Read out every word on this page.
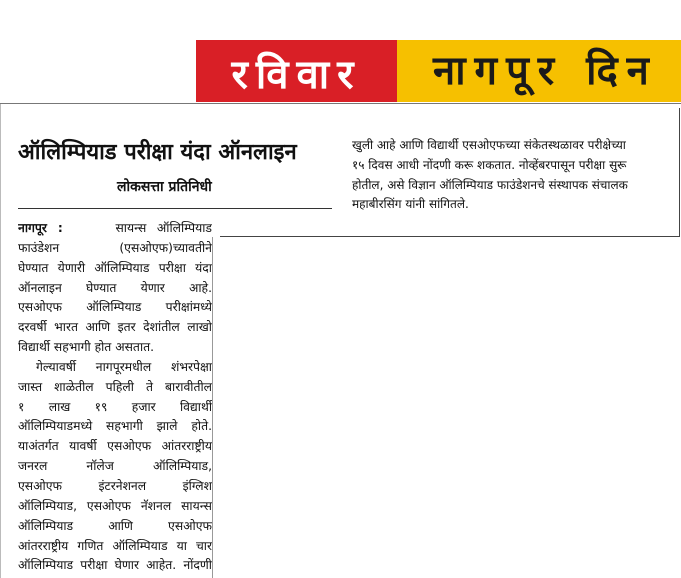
रविवार	नागपूर दिन
ऑलिम्पियाड परीक्षा यंदा ऑनलाइन
लोकसत्ता प्रतिनिधी

नागपूर :	सायन्स ऑलिम्पियाड

फाउंडेशन (एसओएफ)च्यावतीने

घेण्यात येणारी ऑलिम्पियाड परीक्षा यंदा

ऑनलाइन घेण्यात येणार आहे.

एसओएफ ऑलिम्पियाड परीक्षांमध्ये

दरवर्षी भारत आणि इतर देशांतील लाखो

विद्यार्थी सहभागी होत असतात.

गेल्यावर्षी नागपूरमधील शंभरपेक्षा

जास्त शाळेतील पहिली ते बारावीतील

१ लाख १९ हजार विद्यार्थी

ऑलिम्पियाडमध्ये सहभागी झाले होते.

याअंतर्गत यावर्षी एसओएफ आंतरराष्ट्रीय

जनरल नॉलेज ऑलिम्पियाड,

एसओएफ इंटरनेशनल इंग्लिश

ऑलिम्पियाड, एसओएफ नॅशनल सायन्स

ऑलिम्पियाड आणि एसओएफ

आंतरराष्ट्रीय गणित ऑलिम्पियाड या चार

ऑलिम्पियाड परीक्षा घेणार आहेत. नोंदणी

खुली आहे आणि विद्यार्थी एसओएफच्या संकेतस्थळावर परीक्षेच्या
१५ दिवस आधी नोंदणी करू शकतात. नोव्हेंबरपासून परीक्षा सुरू
होतील, असे विज्ञान ऑलिम्पियाड फाउंडेशनचे संस्थापक संचालक
महाबीरसिंग यांनी सांगितले.
